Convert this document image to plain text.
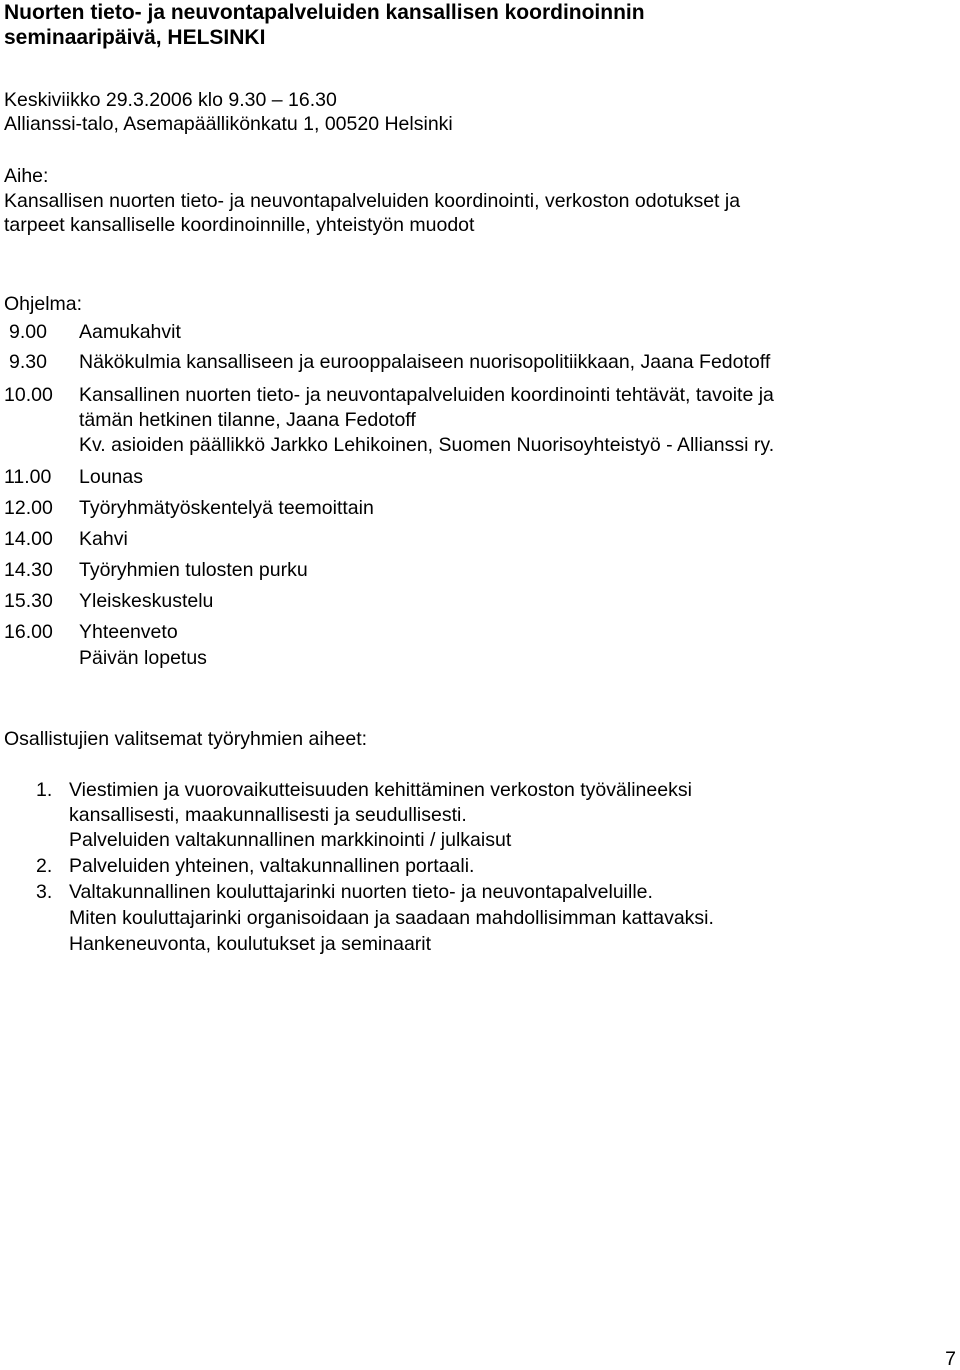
Nuorten tieto- ja neuvontapalveluiden kansallisen koordinoinnin
seminaaripäivä, HELSINKI
Keskiviikko 29.3.2006 klo 9.30 – 16.30
Allianssi-talo, Asemapäällikönkatu 1, 00520 Helsinki
Aihe:
Kansallisen nuorten tieto- ja neuvontapalveluiden koordinointi, verkoston odotukset ja
tarpeet kansalliselle koordinoinnille, yhteistyön muodot
Ohjelma:
9.00 Aamukahvit
9.30 Näkökulmia kansalliseen ja eurooppalaiseen nuorisopolitiikkaan, Jaana Fedotoff
10.00 Kansallinen nuorten tieto- ja neuvontapalveluiden koordinointi tehtävät, tavoite ja
tämän hetkinen tilanne, Jaana Fedotoff
Kv. asioiden päällikkö Jarkko Lehikoinen, Suomen Nuorisoyhteistyö - Allianssi ry.
11.00 Lounas
12.00 Työryhmätyöskentelyä teemoittain
14.00 Kahvi
14.30 Työryhmien tulosten purku
15.30 Yleiskeskustelu
16.00 Yhteenveto
Päivän lopetus
Osallistujien valitsemat työryhmien aiheet:
1. Viestimien ja vuorovaikutteisuuden kehittäminen verkoston työvälineeksi
kansallisesti, maakunnallisesti ja seudullisesti.
Palveluiden valtakunnallinen markkinointi / julkaisut
2. Palveluiden yhteinen, valtakunnallinen portaali.
3. Valtakunnallinen kouluttajarinki nuorten tieto- ja neuvontapalveluille.
Miten kouluttajarinki organisoidaan ja saadaan mahdollisimman kattavaksi.
Hankeneuvonta, koulutukset ja seminaarit
7
